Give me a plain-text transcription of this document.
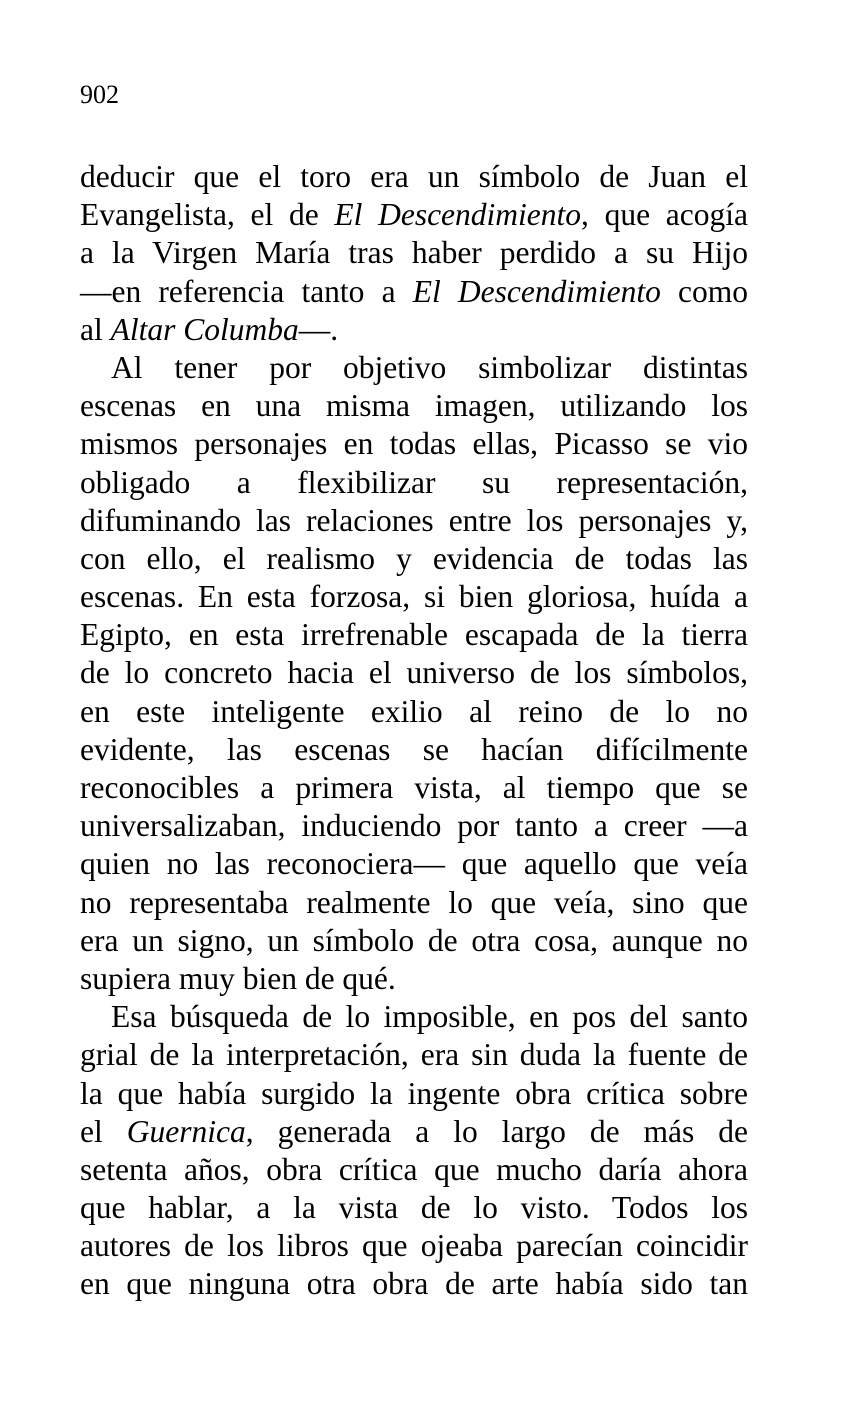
902
deducir que el toro era un símbolo de Juan el
Evangelista, el de El Descendimiento, que acogía
a la Virgen María tras haber perdido a su Hijo
—en referencia tanto a El Descendimiento como
al Altar Columba—.
Al tener por objetivo simbolizar distintas
escenas en una misma imagen, utilizando los
mismos personajes en todas ellas, Picasso se vio
obligado a flexibilizar su representación,
difuminando las relaciones entre los personajes y,
con ello, el realismo y evidencia de todas las
escenas. En esta forzosa, si bien gloriosa, huída a
Egipto, en esta irrefrenable escapada de la tierra
de lo concreto hacia el universo de los símbolos,
en este inteligente exilio al reino de lo no
evidente, las escenas se hacían difícilmente
reconocibles a primera vista, al tiempo que se
universalizaban, induciendo por tanto a creer —a
quien no las reconociera— que aquello que veía
no representaba realmente lo que veía, sino que
era un signo, un símbolo de otra cosa, aunque no
supiera muy bien de qué.
Esa búsqueda de lo imposible, en pos del santo
grial de la interpretación, era sin duda la fuente de
la que había surgido la ingente obra crítica sobre
el Guernica, generada a lo largo de más de
setenta años, obra crítica que mucho daría ahora
que hablar, a la vista de lo visto. Todos los
autores de los libros que ojeaba parecían coincidir
en que ninguna otra obra de arte había sido tan
